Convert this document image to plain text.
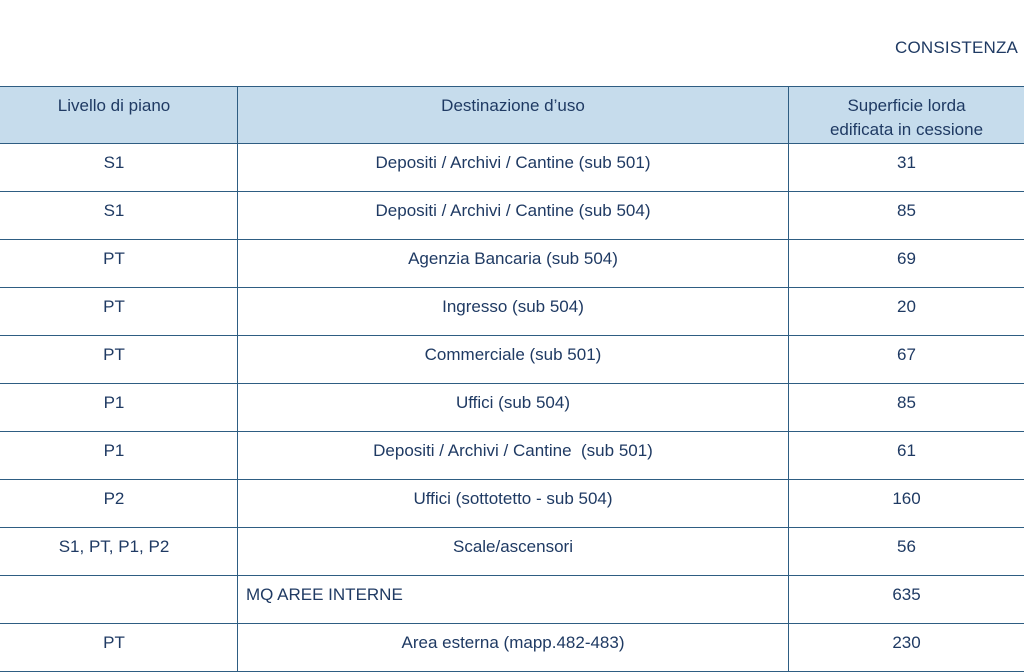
CONSISTENZA
Livello di piano	Destinazione d’uso	Superficie lorda edificata in cessione
S1	Depositi / Archivi / Cantine (sub 501)	31
S1	Depositi / Archivi / Cantine (sub 504)	85
PT	Agenzia Bancaria (sub 504)	69
PT	Ingresso (sub 504)	20
PT	Commerciale (sub 501)	67
P1	Uffici (sub 504)	85
P1	Depositi / Archivi / Cantine  (sub 501)	61
P2	Uffici (sottotetto - sub 504)	160
S1, PT, P1, P2	Scale/ascensori	56
	MQ AREE INTERNE	635
PT	Area esterna (mapp.482-483)	230
